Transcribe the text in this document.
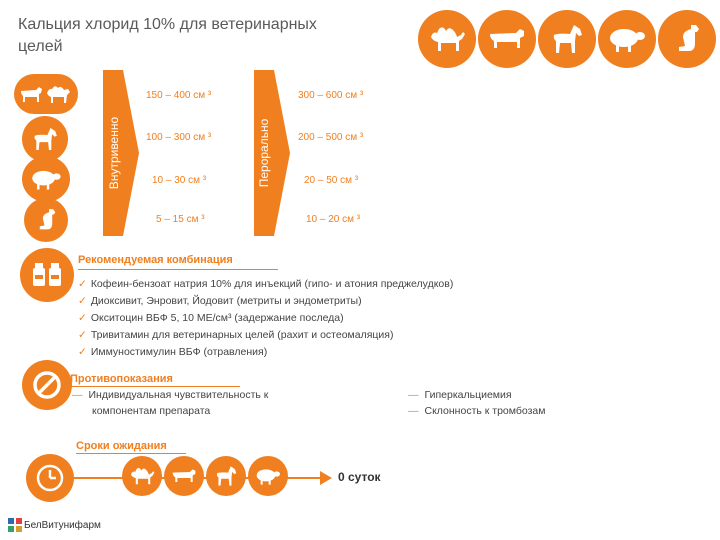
Кальция хлорид 10% для ветеринарных целей
Внутривенно	Перорально
150 – 400 см ³
100 – 300 см ³
10 – 30 см ³
5 – 15 см ³
300 – 600 см ³
200 – 500 см ³
20 – 50 см ³
10 – 20 см ³
Рекомендуемая комбинация
✓ Кофеин-бензоат натрия 10% для инъекций (гипо- и атония преджелудков)
✓ Диоксивит, Энровит, Йодовит (метриты и эндометриты)
✓ Окситоцин ВБФ 5, 10 МЕ/см³ (задержание последа)
✓ Тривитамин для ветеринарных целей (рахит и остеомаляция)
✓ Иммуностимулин ВБФ (отравления)
Противопоказания
— Индивидуальная чувствительность к
компонентам препарата
— Гиперкальциемия
— Склонность к тромбозам
Сроки ожидания
0 суток
БелВитунифарм
